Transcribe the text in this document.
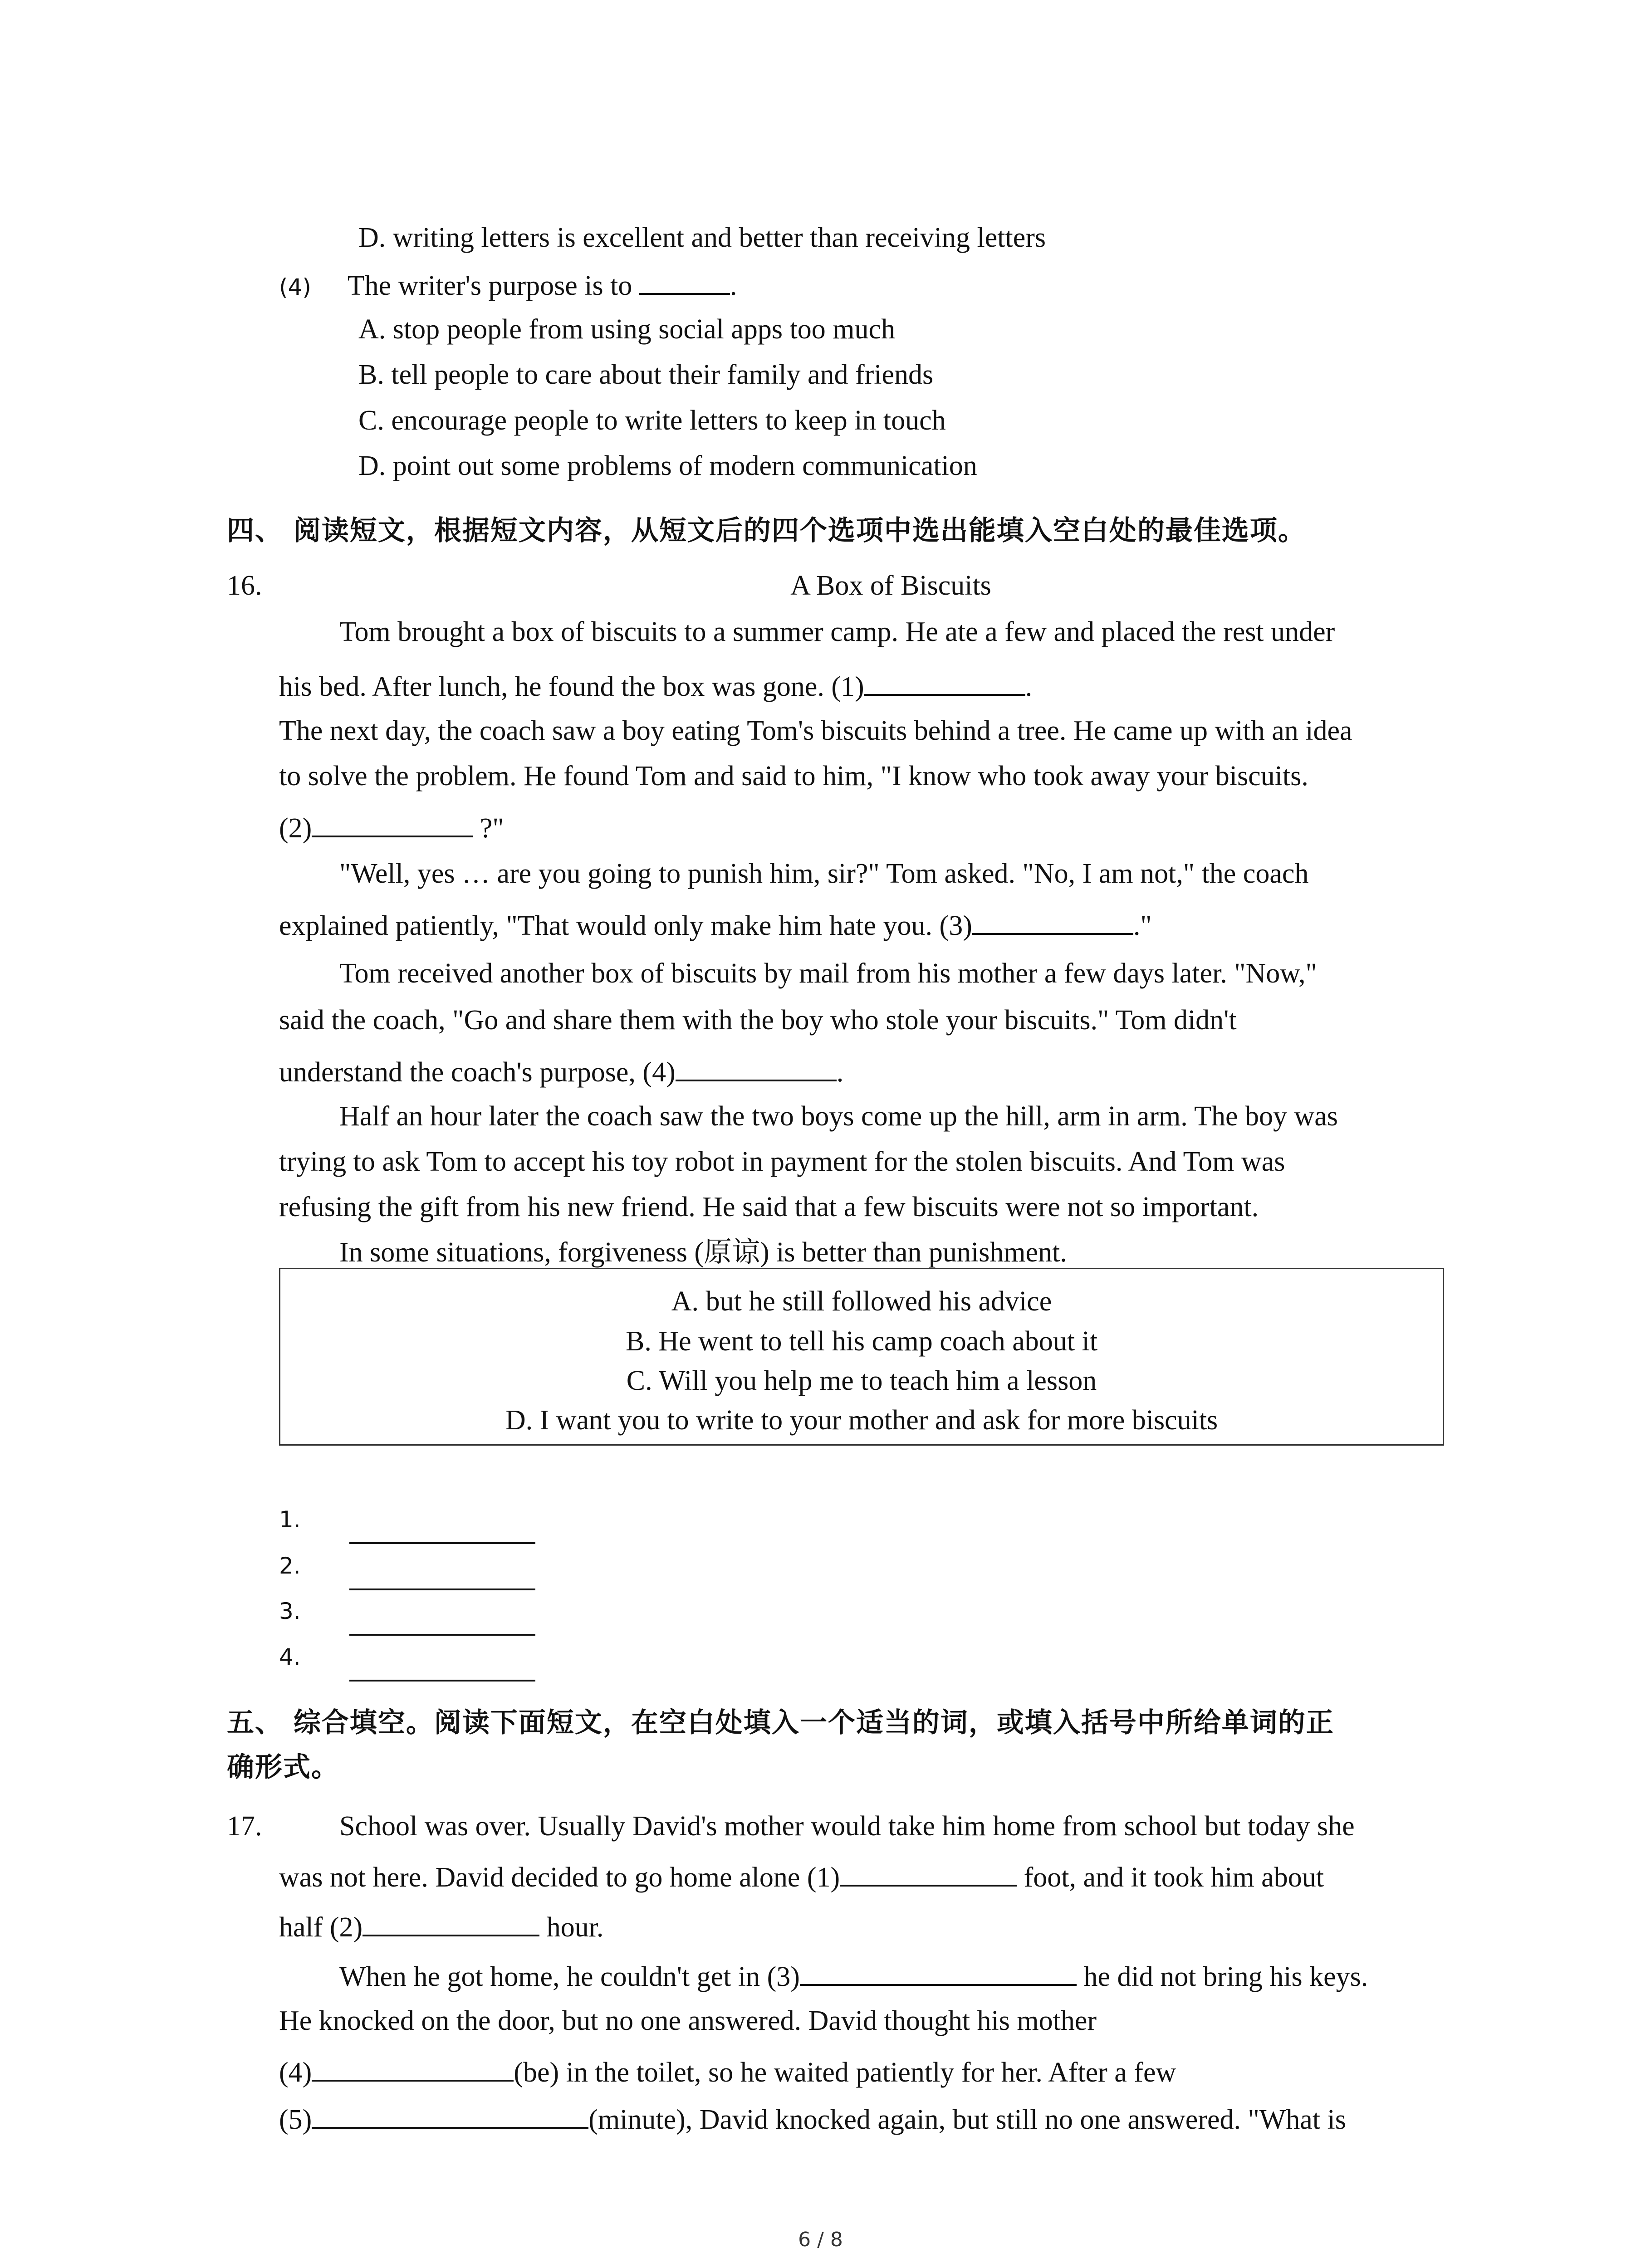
D. writing letters is excellent and better than receiving letters
(4) The writer's purpose is to	.
A. stop people from using social apps too much
B. tell people to care about their family and friends
C. encourage people to write letters to keep in touch
D. point out some problems of modern communication
四、 阅读短文，根据短文内容，从短文后的四个选项中选出能填入空白处的最佳选项。
16.	A Box of Biscuits
Tom brought a box of biscuits to a summer camp. He ate a few and placed the rest under
his bed. After lunch, he found the box was gone. (1)	.
The next day, the coach saw a boy eating Tom's biscuits behind a tree. He came up with an idea
to solve the problem. He found Tom and said to him, "I know who took away your biscuits.
(2)	?"
"Well, yes … are you going to punish him, sir?" Tom asked. "No, I am not," the coach
explained patiently, "That would only make him hate you. (3)	."
Tom received another box of biscuits by mail from his mother a few days later. "Now,"
said the coach, "Go and share them with the boy who stole your biscuits." Tom didn't
understand the coach's purpose, (4)	.
Half an hour later the coach saw the two boys come up the hill, arm in arm. The boy was
trying to ask Tom to accept his toy robot in payment for the stolen biscuits. And Tom was
refusing the gift from his new friend. He said that a few biscuits were not so important.
In some situations, forgiveness (原谅) is better than punishment.
A. but he still followed his advice
B. He went to tell his camp coach about it
C. Will you help me to teach him a lesson
D. I want you to write to your mother and ask for more biscuits
1.
2.
3.
4.
五、 综合填空。阅读下面短文，在空白处填入一个适当的词，或填入括号中所给单词的正
确形式。
17.	School was over. Usually David's mother would take him home from school but today she
was not here. David decided to go home alone (1)	foot, and it took him about
half (2)	hour.
When he got home, he couldn't get in (3)	he did not bring his keys.
He knocked on the door, but no one answered. David thought his mother
(4)	(be) in the toilet, so he waited patiently for her. After a few
(5)	(minute), David knocked again, but still no one answered. "What is
6 / 8
